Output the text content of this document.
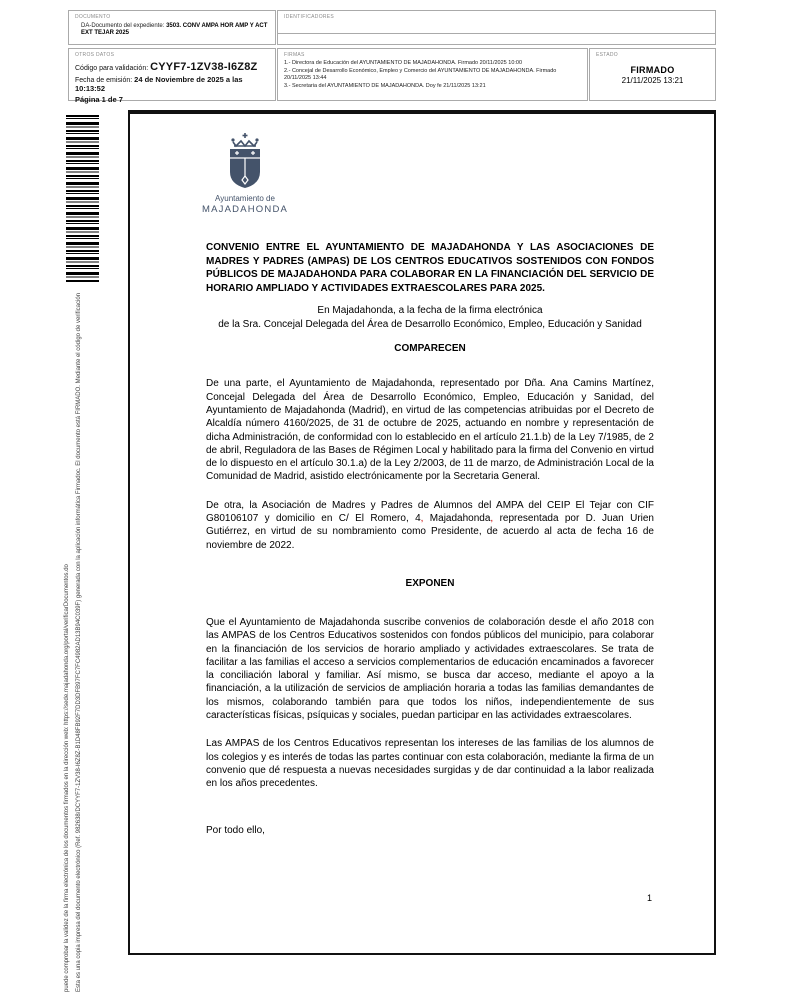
DOCUMENTO
DA-Documento del expediente: 3503. CONV AMPA HOR AMP Y ACT EXT TEJAR 2025
IDENTIFICADORES
OTROS DATOS
Código para validación: CYYF7-1ZV38-I6Z8Z
Fecha de emisión: 24 de Noviembre de 2025 a las 10:13:52
Página 1 de 7
FIRMAS
1.- Directora de Educación del AYUNTAMIENTO DE MAJADAHONDA. Firmado 20/11/2025 10:00
2.- Concejal de Desarrollo Económico, Empleo y Comercio del AYUNTAMIENTO DE MAJADAHONDA. Firmado 20/11/2025 13:44
3.- Secretaria del AYUNTAMIENTO DE MAJADAHONDA. Doy fe 21/11/2025 13:21
ESTADO
FIRMADO
21/11/2025 13:21
Esta es una copia impresa del documento electrónico (Ref. 982638/DCYYF7-1ZV38-I6Z8Z-B1D48FB92F7DD3DFB97FC7FC4982AD13B94C039F) generada con la aplicación informática Firmadoc. El documento está FIRMADO. Mediante el código de verificación
puede comprobar la validez de la firma electrónica de los documentos firmados en la dirección web: https://sede.majadahonda.org/portal/verificarDocumentos.do
Ayuntamiento de
MAJADAHONDA
CONVENIO ENTRE EL AYUNTAMIENTO DE MAJADAHONDA Y LAS ASOCIACIONES DE MADRES Y PADRES (AMPAS) DE LOS CENTROS EDUCATIVOS SOSTENIDOS CON FONDOS PÚBLICOS DE MAJADAHONDA PARA COLABORAR EN LA FINANCIACIÓN DEL SERVICIO DE HORARIO AMPLIADO Y ACTIVIDADES EXTRAESCOLARES PARA 2025.
En Majadahonda, a la fecha de la firma electrónica
de la Sra. Concejal Delegada del Área de Desarrollo Económico, Empleo, Educación y Sanidad
COMPARECEN
De una parte, el Ayuntamiento de Majadahonda, representado por Dña. Ana Camins Martínez, Concejal Delegada del Área de Desarrollo Económico, Empleo, Educación y Sanidad, del Ayuntamiento de Majadahonda (Madrid), en virtud de las competencias atribuidas por el Decreto de Alcaldía número 4160/2025, de 31 de octubre de 2025, actuando en nombre y representación de dicha Administración, de conformidad con lo establecido en el artículo 21.1.b) de la Ley 7/1985, de 2 de abril, Reguladora de las Bases de Régimen Local y habilitado para la firma del Convenio en virtud de lo dispuesto en el artículo 30.1.a) de la Ley 2/2003, de 11 de marzo, de Administración Local de la Comunidad de Madrid, asistido electrónicamente por la Secretaria General.
De otra, la Asociación de Madres y Padres de Alumnos del AMPA del CEIP El Tejar con CIF G80106107 y domicilio en C/ El Romero, 4, Majadahonda, representada por D. Juan Urien Gutiérrez, en virtud de su nombramiento como Presidente, de acuerdo al acta de fecha 16 de noviembre de 2022.
EXPONEN
Que el Ayuntamiento de Majadahonda suscribe convenios de colaboración desde el año 2018 con las AMPAS de los Centros Educativos sostenidos con fondos públicos del municipio, para colaborar en la financiación de los servicios de horario ampliado y actividades extraescolares. Se trata de facilitar a las familias el acceso a servicios complementarios de educación encaminados a favorecer la conciliación laboral y familiar. Así mismo, se busca dar acceso, mediante el apoyo a la financiación, a la utilización de servicios de ampliación horaria a todas las familias demandantes de los mismos, colaborando también para que todos los niños, independientemente de sus características físicas, psíquicas y sociales, puedan participar en las actividades extraescolares.
Las AMPAS de los Centros Educativos representan los intereses de las familias de los alumnos de los colegios y es interés de todas las partes continuar con esta colaboración, mediante la firma de un convenio que dé respuesta a nuevas necesidades surgidas y de dar continuidad a la labor realizada en los años precedentes.
Por todo ello,
1
